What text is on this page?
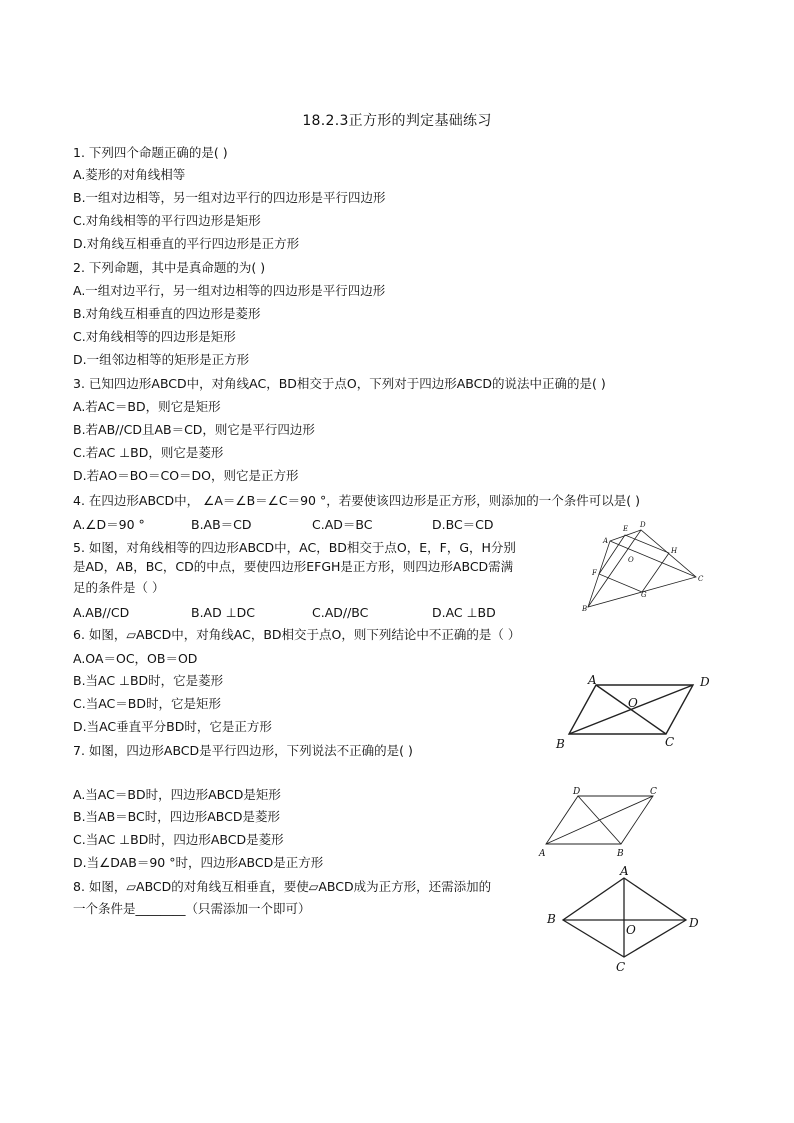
18.2.3正方形的判定基础练习
1. 下列四个命题正确的是( )
A.菱形的对角线相等
B.一组对边相等，另一组对边平行的四边形是平行四边形
C.对角线相等的平行四边形是矩形
D.对角线互相垂直的平行四边形是正方形
2. 下列命题，其中是真命题的为( )
A.一组对边平行，另一组对边相等的四边形是平行四边形
B.对角线互相垂直的四边形是菱形
C.对角线相等的四边形是矩形
D.一组邻边相等的矩形是正方形
3. 已知四边形ABCD中，对角线AC，BD相交于点O，下列对于四边形ABCD的说法中正确的是( )
A.若AC＝BD，则它是矩形
B.若AB//CD且AB＝CD，则它是平行四边形
C.若AC ⊥BD，则它是菱形
D.若AO＝BO＝CO＝DO，则它是正方形
4. 在四边形ABCD中， ∠A＝∠B＝∠C＝90 °，若要使该四边形是正方形，则添加的一个条件可以是( )
A.∠D＝90 °	B.AB＝CD	C.AD＝BC	D.BC＝CD
5. 如图，对角线相等的四边形ABCD中，AC，BD相交于点O，E，F，G，H分别
是AD，AB，BC，CD的中点，要使四边形EFGH是正方形，则四边形ABCD需满
足的条件是（ ）
A.AB//CD	B.AD ⊥DC	C.AD//BC	D.AC ⊥BD
6. 如图，▱ABCD中，对角线AC，BD相交于点O，则下列结论中不正确的是（ ）
A.OA＝OC，OB＝OD
B.当AC ⊥BD时，它是菱形
C.当AC＝BD时，它是矩形
D.当AC垂直平分BD时，它是正方形
7. 如图，四边形ABCD是平行四边形，下列说法不正确的是( )
A.当AC＝BD时，四边形ABCD是矩形
B.当AB＝BC时，四边形ABCD是菱形
C.当AC ⊥BD时，四边形ABCD是菱形
D.当∠DAB＝90 °时，四边形ABCD是正方形
8. 如图，▱ABCD的对角线互相垂直，要使▱ABCD成为正方形，还需添加的
一个条件是________（只需添加一个即可）
A
E D
O
H
F
C
G
B
A	D
O
B	C
D	C
A	B
A
B	D
O
C
